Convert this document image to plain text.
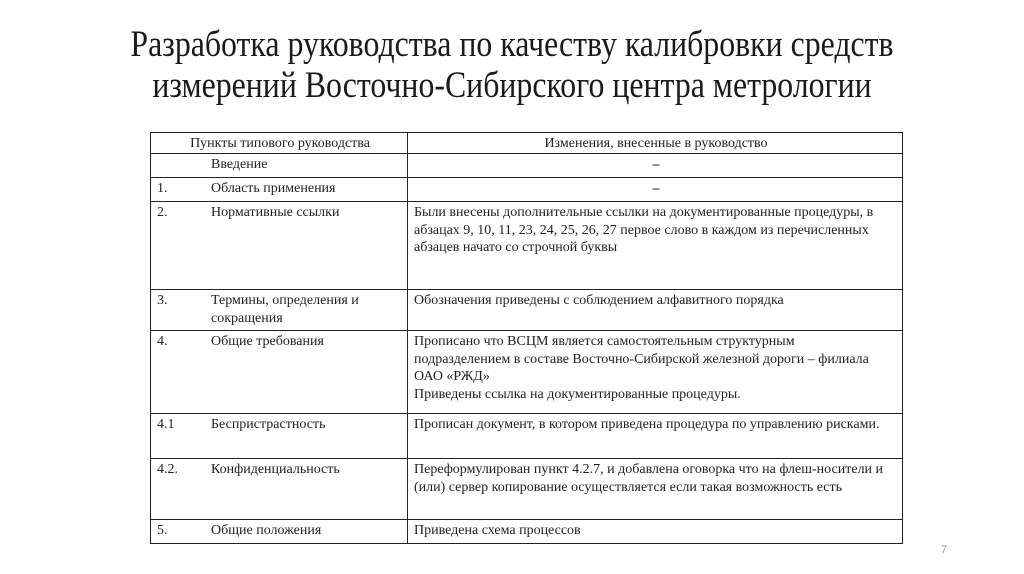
Разработка руководства по качеству калибровки средств
измерений Восточно-Сибирского центра метрологии
Пункты типового руководства	Изменения, внесенные в руководство

Введение	–

1. Область применения	–

2. Нормативные ссылки	Были внесены дополнительные ссылки на документированные процедуры, в абзацах 9, 10, 11, 23, 24, 25, 26, 27 первое слово в каждом из перечисленных абзацев начато со строчной буквы

3. Термины, определения и сокращения	Обозначения приведены с соблюдением алфавитного порядка

4.	Общие требования	Прописано что ВСЦМ является самостоятельным структурным подразделением в составе Восточно-Сибирской железной дороги – филиала ОАО «РЖД»
Приведены ссылка на документированные процедуры.

4.1 Беспристрастность	Прописан документ, в котором приведена процедура по управлению рисками.

4.2. Конфиденциальность	Переформулирован пункт 4.2.7, и добавлена оговорка что на флеш-носители и (или) сервер копирование осуществляется если такая возможность есть

5. Общие положения	Приведена схема процессов
7
